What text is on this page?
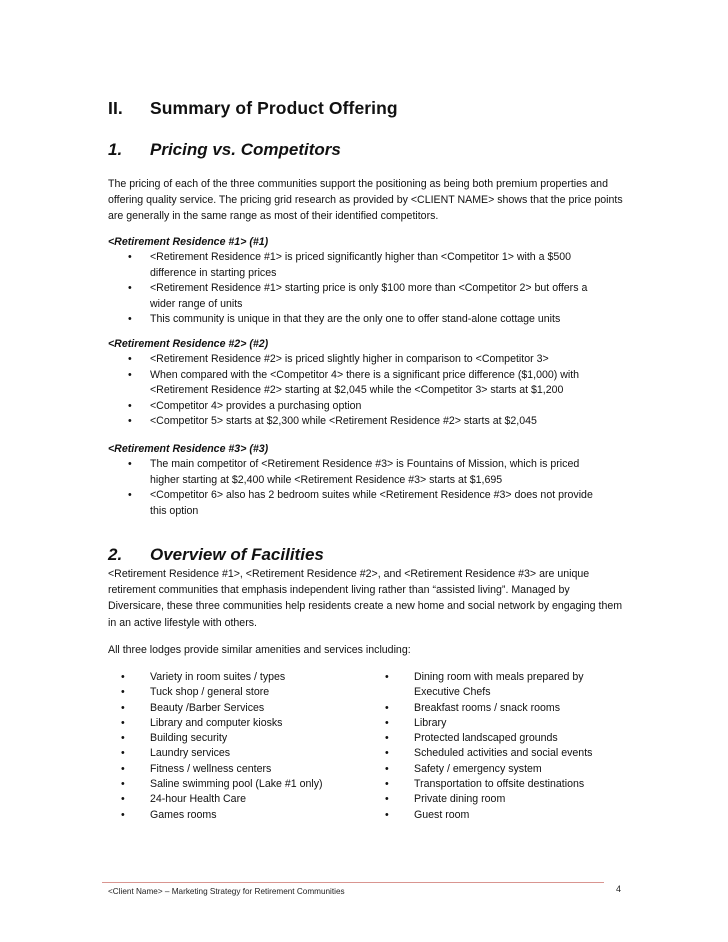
II. Summary of Product Offering
1. Pricing vs. Competitors
The pricing of each of the three communities support the positioning as being both premium properties and offering quality service. The pricing grid research as provided by <CLIENT NAME> shows that the price points are generally in the same range as most of their identified competitors.
<Retirement Residence #1> (#1)
• <Retirement Residence #1> is priced significantly higher than <Competitor 1> with a $500 difference in starting prices
• <Retirement Residence #1> starting price is only $100 more than <Competitor 2> but offers a wider range of units
• This community is unique in that they are the only one to offer stand-alone cottage units
<Retirement Residence #2> (#2)
• <Retirement Residence #2> is priced slightly higher in comparison to <Competitor 3>
• When compared with the <Competitor 4> there is a significant price difference ($1,000) with <Retirement Residence #2> starting at $2,045 while the <Competitor 3> starts at $1,200
• <Competitor 4> provides a purchasing option
• <Competitor 5> starts at $2,300 while <Retirement Residence #2> starts at $2,045
<Retirement Residence #3> (#3)
• The main competitor of <Retirement Residence #3> is Fountains of Mission, which is priced higher starting at $2,400 while <Retirement Residence #3> starts at $1,695
• <Competitor 6> also has 2 bedroom suites while <Retirement Residence #3> does not provide this option
2. Overview of Facilities
<Retirement Residence #1>, <Retirement Residence #2>, and <Retirement Residence #3> are unique retirement communities that emphasis independent living rather than “assisted living”. Managed by Diversicare, these three communities help residents create a new home and social network by engaging them in an active lifestyle with others.
All three lodges provide similar amenities and services including:
• Variety in room suites / types
• Tuck shop / general store
• Beauty /Barber Services
• Library and computer kiosks
• Building security
• Laundry services
• Fitness / wellness centers
• Saline swimming pool (Lake #1 only)
• 24-hour Health Care
• Games rooms
• Dining room with meals prepared by Executive Chefs
• Breakfast rooms / snack rooms
• Library
• Protected landscaped grounds
• Scheduled activities and social events
• Safety / emergency system
• Transportation to offsite destinations
• Private dining room
• Guest room
<Client Name> – Marketing Strategy for Retirement Communities	4
